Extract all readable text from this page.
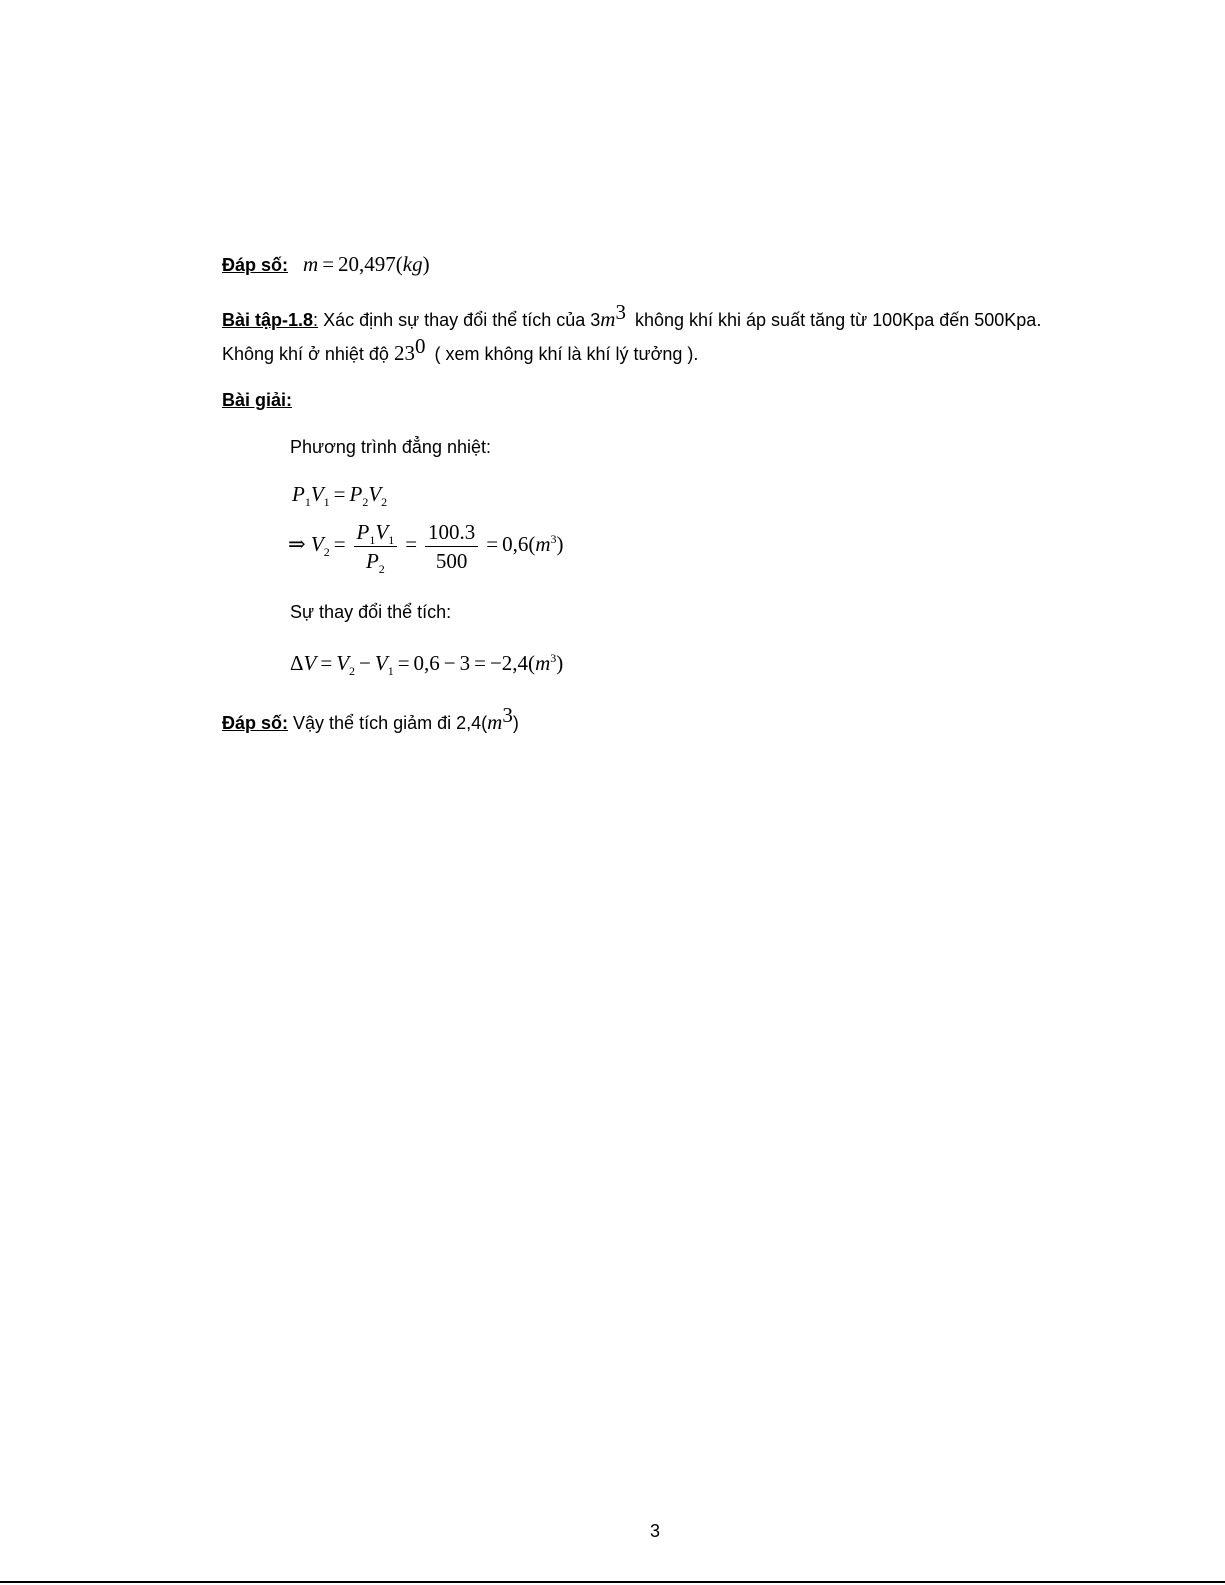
Đáp số: m = 20,497(kg)
Bài tập-1.8: Xác định sự thay đổi thể tích của $3m^3$ không khí khi áp suất tăng từ 100Kpa đến 500Kpa.
Không khí ở nhiệt độ $23^0$ ( xem không khí là khí lý tưởng ).
Bài giải:
Phương trình đẳng nhiệt:
$P_1V_1 = P_2V_2$
⇒ $V_2 = \frac{P_1V_1}{P_2} = \frac{100.3}{500} = 0,6(m^3)$
Sự thay đổi thể tích:
$\Delta V = V_2 - V_1 = 0,6 - 3 = -2,4(m^3)$
Đáp số: Vậy thể tích giảm đi $2,4(m^3)$
3
